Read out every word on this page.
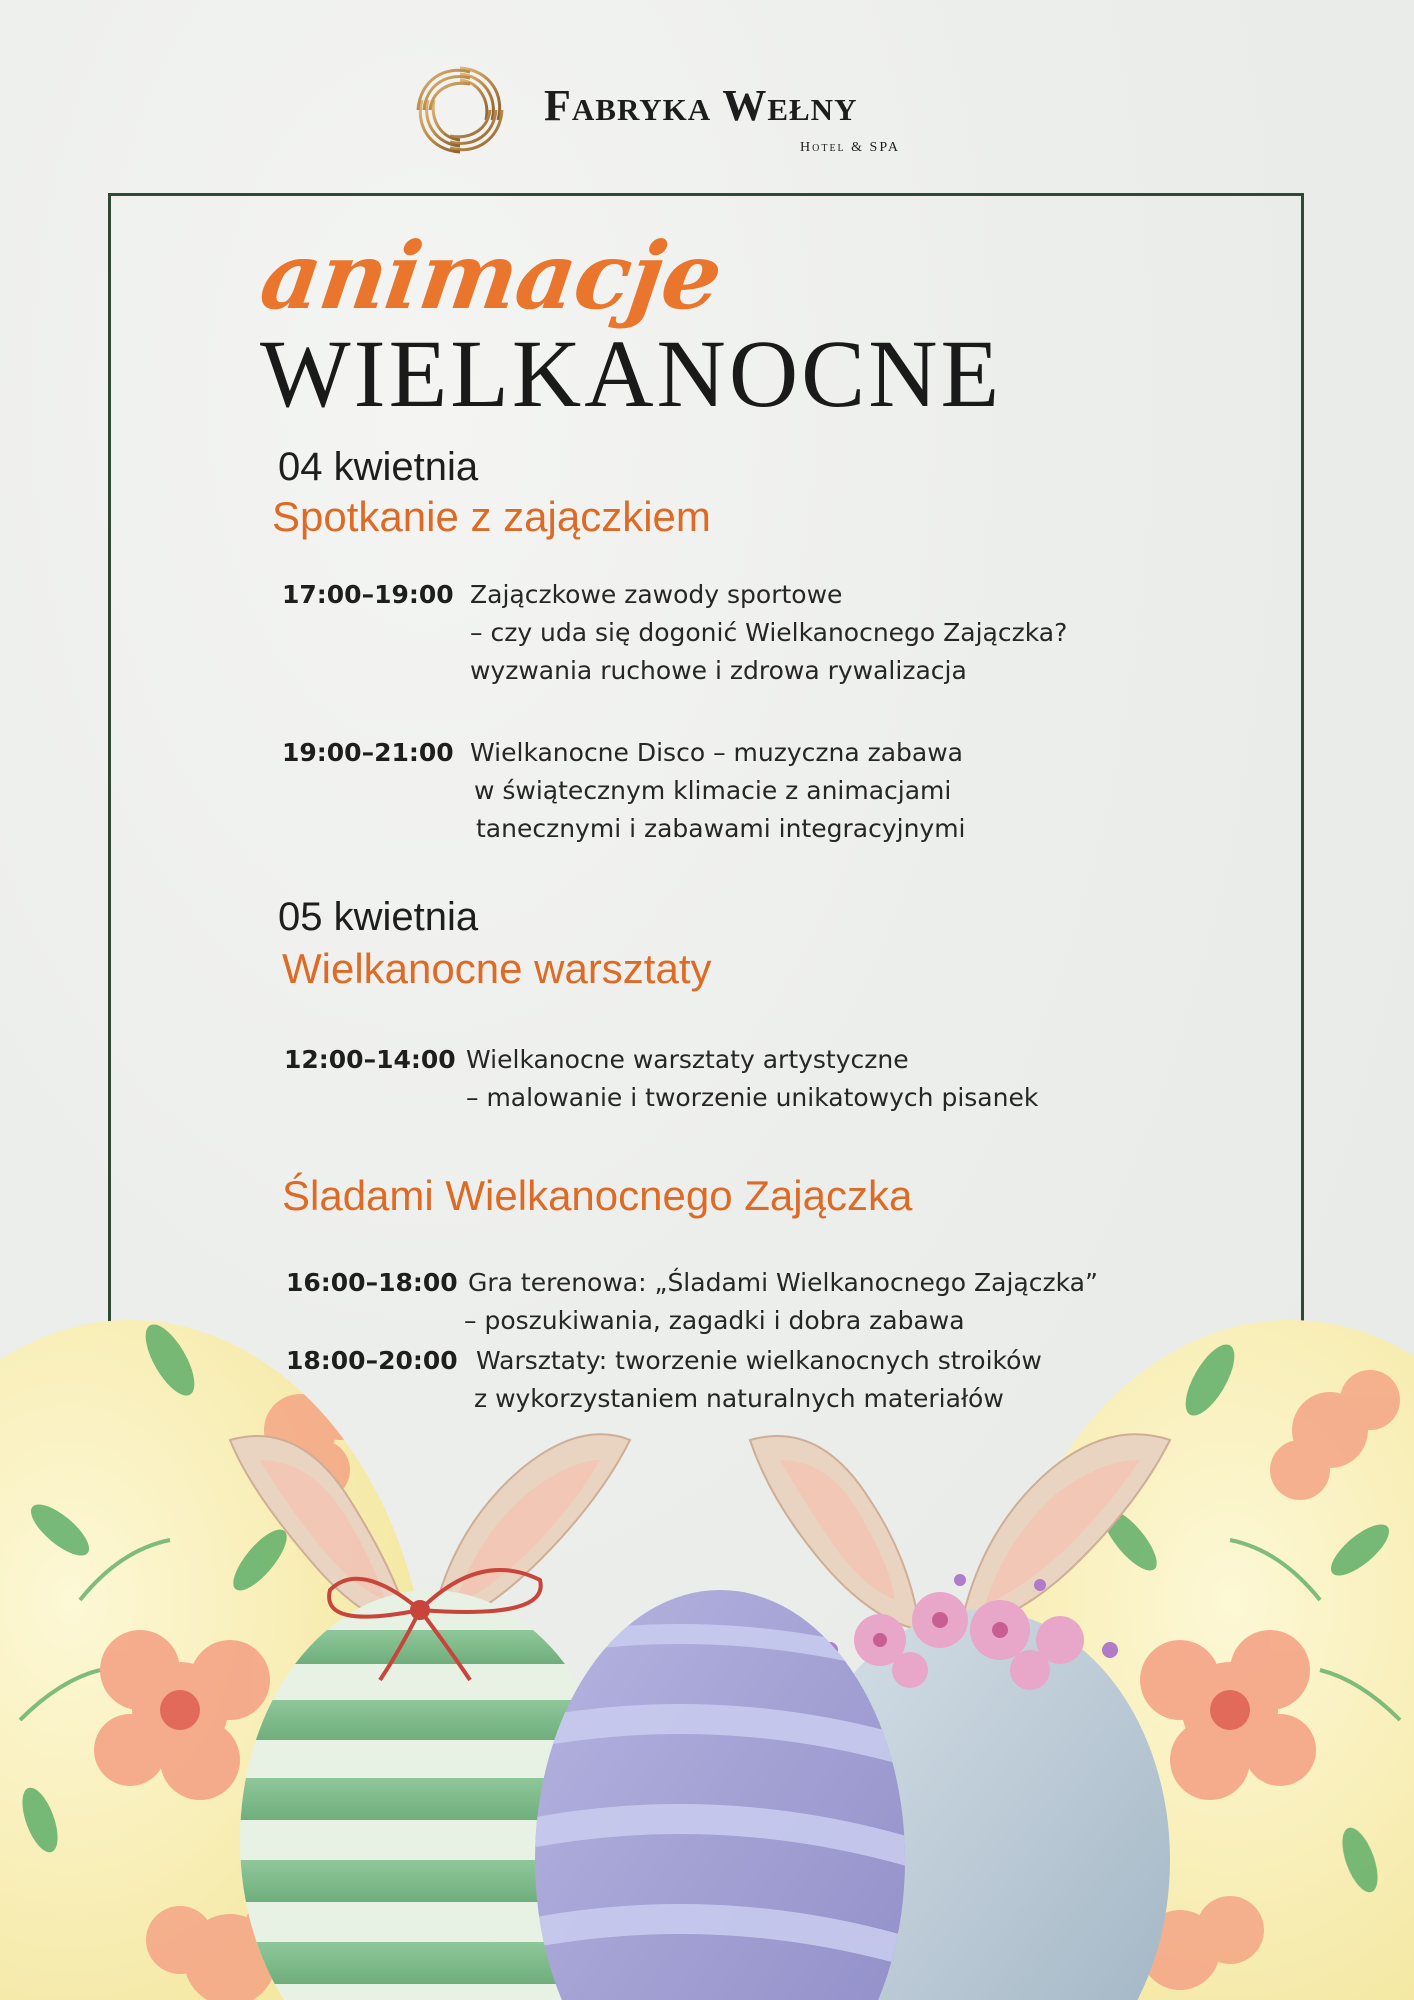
Fabryka Wełny
Hotel & SPA
animacje
WIELKANOCNE
04 kwietnia
Spotkanie z zajączkiem
17:00–19:00 Zajączkowe zawody sportowe
– czy uda się dogonić Wielkanocnego Zajączka?
wyzwania ruchowe i zdrowa rywalizacja
19:00–21:00 Wielkanocne Disco – muzyczna zabawa
w świątecznym klimacie z animacjami
tanecznymi i zabawami integracyjnymi
05 kwietnia
Wielkanocne warsztaty
12:00–14:00 Wielkanocne warsztaty artystyczne
– malowanie i tworzenie unikatowych pisanek
Śladami Wielkanocnego Zajączka
16:00–18:00 Gra terenowa: „Śladami Wielkanocnego Zajączka”
– poszukiwania, zagadki i dobra zabawa
18:00–20:00 Warsztaty: tworzenie wielkanocnych stroików
z wykorzystaniem naturalnych materiałów
